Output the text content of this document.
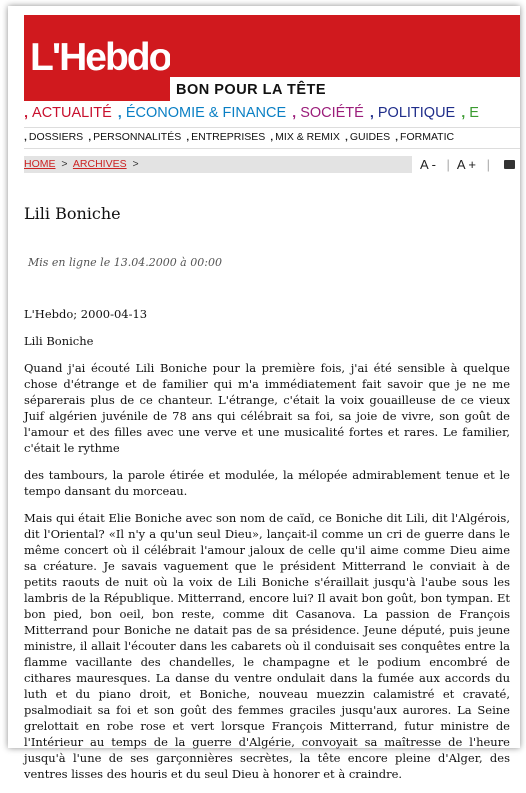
L'Hebdo
BON POUR LA TÊTE
‚ ACTUALITÉ ‚ ÉCONOMIE & FINANCE ‚ SOCIÉTÉ ‚ POLITIQUE ‚ E
‚ DOSSIERS ‚ PERSONNALITÉS ‚ ENTREPRISES ‚ MIX & REMIX ‚ GUIDES ‚ FORMATIC
HOME > ARCHIVES >	A - | A + |
Lili Boniche
Mis en ligne le 13.04.2000 à 00:00

L'Hebdo; 2000-04-13

Lili Boniche

Quand j'ai écouté Lili Boniche pour la première fois, j'ai été sensible à quelque chose d'étrange et de familier qui m'a immédiatement fait savoir que je ne me séparerais plus de ce chanteur. L'étrange, c'était la voix gouailleuse de ce vieux Juif algérien juvénile de 78 ans qui célébrait sa foi, sa joie de vivre, son goût de l'amour et des filles avec une verve et une musicalité fortes et rares. Le familier, c'était le rythme

des tambours, la parole étirée et modulée, la mélopée admirablement tenue et le tempo dansant du morceau.

Mais qui était Elie Boniche avec son nom de caïd, ce Boniche dit Lili, dit l'Algérois, dit l'Oriental? «Il n'y a qu'un seul Dieu», lançait-il comme un cri de guerre dans le même concert où il célébrait l'amour jaloux de celle qu'il aime comme Dieu aime sa créature. Je savais vaguement que le président Mitterrand le conviait à de petits raouts de nuit où la voix de Lili Boniche s'éraillait jusqu'à l'aube sous les lambris de la République. Mitterrand, encore lui? Il avait bon goût, bon tympan. Et bon pied, bon oeil, bon reste, comme dit Casanova. La passion de François Mitterrand pour Boniche ne datait pas de sa présidence. Jeune député, puis jeune ministre, il allait l'écouter dans les cabarets où il conduisait ses conquêtes entre la flamme vacillante des chandelles, le champagne et le podium encombré de cithares mauresques. La danse du ventre ondulait dans la fumée aux accords du luth et du piano droit, et Boniche, nouveau muezzin calamistré et cravaté, psalmodiait sa foi et son goût des femmes graciles jusqu'aux aurores. La Seine grelottait en robe rose et vert lorsque François Mitterrand, futur ministre de l'Intérieur au temps de la guerre d'Algérie, convoyait sa maîtresse de l'heure jusqu'à l'une de ses garçonnières secrètes, la tête encore pleine d'Alger, des ventres lisses des houris et du seul Dieu à honorer et à craindre.
